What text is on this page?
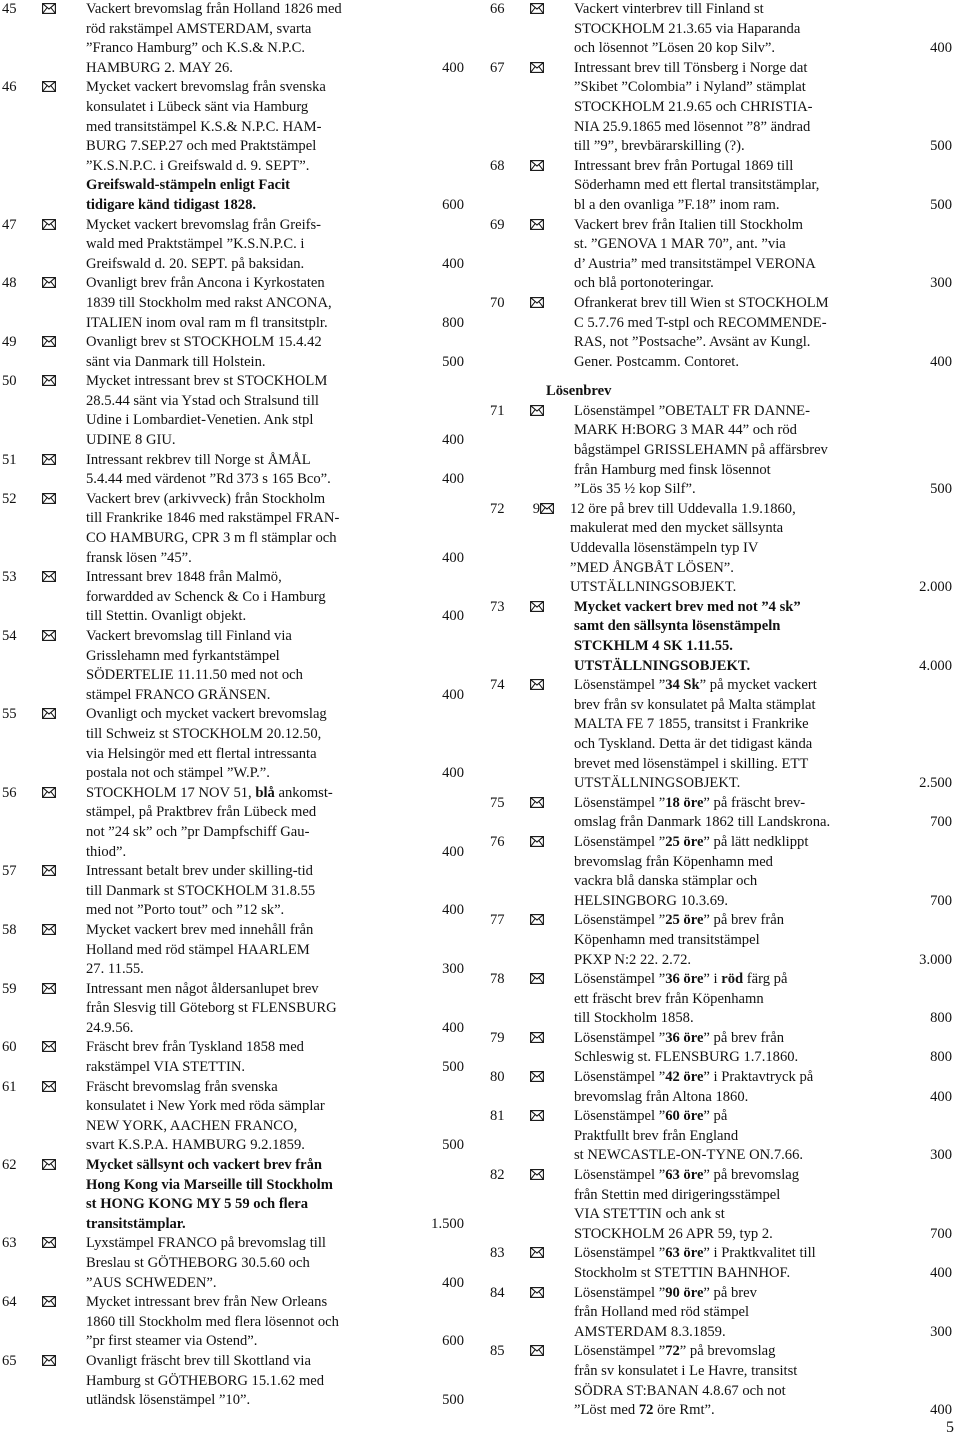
45	Vackert brevomslag från Holland 1826 med
röd rakstämpel AMSTERDAM, svarta
”Franco Hamburg” och K.S.& N.P.C.
HAMBURG 2. MAY 26.	400
46	Mycket vackert brevomslag från svenska
konsulatet i Lübeck sänt via Hamburg
med transitstämpel K.S.& N.P.C. HAM-
BURG 7.SEP.27 och med Praktstämpel
”K.S.N.P.C. i Greifswald d. 9. SEPT”.
Greifswald-stämpeln enligt Facit
tidigare känd tidigast 1828.	600
47	Mycket vackert brevomslag från Greifs-
wald med Praktstämpel ”K.S.N.P.C. i
Greifswald d. 20. SEPT. på baksidan.	400
48	Ovanligt brev från Ancona i Kyrkostaten
1839 till Stockholm med rakst ANCONA,
ITALIEN inom oval ram m fl transitstplr.	800
49	Ovanligt brev st STOCKHOLM 15.4.42
sänt via Danmark till Holstein.	500
50	Mycket intressant brev st STOCKHOLM
28.5.44 sänt via Ystad och Stralsund till
Udine i Lombardiet-Venetien. Ank stpl
UDINE 8 GIU.	400
51	Intressant rekbrev till Norge st ÅMÅL
5.4.44 med värdenot ”Rd 373 s 165 Bco”.	400
52	Vackert brev (arkivveck) från Stockholm
till Frankrike 1846 med rakstämpel FRAN-
CO HAMBURG, CPR 3 m fl stämplar och
fransk lösen ”45”.	400
53	Intressant brev 1848 från Malmö,
forwardded av Schenck & Co i Hamburg
till Stettin. Ovanligt objekt.	400
54	Vackert brevomslag till Finland via
Grisslehamn med fyrkantstämpel
SÖDERTELIE 11.11.50 med not och
stämpel FRANCO GRÄNSEN.	400
55	Ovanligt och mycket vackert brevomslag
till Schweiz st STOCKHOLM 20.12.50,
via Helsingör med ett flertal intressanta
postala not och stämpel ”W.P.”.	400
56	STOCKHOLM 17 NOV 51, blå ankomst-
stämpel, på Praktbrev från Lübeck med
not ”24 sk” och ”pr Dampfschiff Gau-
thiod”.	400
57	Intressant betalt brev under skilling-tid
till Danmark st STOCKHOLM 31.8.55
med not ”Porto tout” och ”12 sk”.	400
58	Mycket vackert brev med innehåll från
Holland med röd stämpel HAARLEM
27. 11.55.	300
59	Intressant men något åldersanlupet brev
från Slesvig till Göteborg st FLENSBURG
24.9.56.	400
60	Fräscht brev från Tyskland 1858 med
rakstämpel VIA STETTIN.	500
61	Fräscht brevomslag från svenska
konsulatet i New York med röda sämplar
NEW YORK, AACHEN FRANCO,
svart K.S.P.A. HAMBURG 9.2.1859.	500
62	Mycket sällsynt och vackert brev från
Hong Kong via Marseille till Stockholm
st HONG KONG MY 5 59 och flera
transitstämplar.	1.500
63	Lyxstämpel FRANCO på brevomslag till
Breslau st GÖTHEBORG 30.5.60 och
”AUS SCHWEDEN”.	400
64	Mycket intressant brev från New Orleans
1860 till Stockholm med flera lösennot och
”pr first steamer via Ostend”.	600
65	Ovanligt fräscht brev till Skottland via
Hamburg st GÖTHEBORG 15.1.62 med
utländsk lösenstämpel ”10”.	500
66	Vackert vinterbrev till Finland st
STOCKHOLM 21.3.65 via Haparanda
och lösennot ”Lösen 20 kop Silv”.	400
67	Intressant brev till Tönsberg i Norge dat
”Skibet ”Colombia” i Nyland” stämplat
STOCKHOLM 21.9.65 och CHRISTIA-
NIA 25.9.1865 med lösennot ”8” ändrad
till ”9”, brevbärarskilling (?).	500
68	Intressant brev från Portugal 1869 till
Söderhamn med ett flertal transitstämplar,
bl a den ovanliga ”F.18” inom ram.	500
69	Vackert brev från Italien till Stockholm
st. ”GENOVA 1 MAR 70”, ant. ”via
d’ Austria” med transitstämpel VERONA
och blå portonoteringar.	300
70	Ofrankerat brev till Wien st STOCKHOLM
C 5.7.76 med T-stpl och RECOMMENDE-
RAS, not ”Postsache”. Avsänt av Kungl.
Gener. Postcamm. Contoret.	400
Lösenbrev
71	Lösenstämpel ”OBETALT FR DANNE-
MARK H:BORG 3 MAR 44” och röd
bågstämpel GRISSLEHAMN på affärsbrev
från Hamburg med finsk lösennot
”Lös 35 ½ kop Silf”.	500
72	9 12 öre på brev till Uddevalla 1.9.1860,
makulerat med den mycket sällsynta
Uddevalla lösenstämpeln typ IV
”MED ÅNGBÅT LÖSEN”.
UTSTÄLLNINGSOBJEKT.	2.000
73	Mycket vackert brev med not ”4 sk”
samt den sällsynta lösenstämpeln
STCKHLM 4 SK 1.11.55.
UTSTÄLLNINGSOBJEKT.	4.000
74	Lösenstämpel ”34 Sk” på mycket vackert
brev från sv konsulatet på Malta stämplat
MALTA FE 7 1855, transitst i Frankrike
och Tyskland. Detta är det tidigast kända
brevet med lösenstämpel i skilling. ETT
UTSTÄLLNINGSOBJEKT.	2.500
75	Lösenstämpel ”18 öre” på fräscht brev-
omslag från Danmark 1862 till Landskrona.	700
76	Lösenstämpel ”25 öre” på lätt nedklippt
brevomslag från Köpenhamn med
vackra blå danska stämplar och
HELSINGBORG 10.3.69.	700
77	Lösenstämpel ”25 öre” på brev från
Köpenhamn med transitstämpel
PKXP N:2 22. 2.72.	3.000
78	Lösenstämpel ”36 öre” i röd färg på
ett fräscht brev från Köpenhamn
till Stockholm 1858.	800
79	Lösenstämpel ”36 öre” på brev från
Schleswig st. FLENSBURG 1.7.1860.	800
80	Lösenstämpel ”42 öre” i Praktavtryck på
brevomslag från Altona 1860.	400
81	Lösenstämpel ”60 öre” på
Praktfullt brev från England
st NEWCASTLE-ON-TYNE ON.7.66.	300
82	Lösenstämpel ”63 öre” på brevomslag
från Stettin med dirigeringsstämpel
VIA STETTIN och ank st
STOCKHOLM 26 APR 59, typ 2.	700
83	Lösenstämpel ”63 öre” i Praktkvalitet till
Stockholm st STETTIN BAHNHOF.	400
84	Lösenstämpel ”90 öre” på brev
från Holland med röd stämpel
AMSTERDAM 8.3.1859.	300
85	Lösenstämpel ”72” på brevomslag
från sv konsulatet i Le Havre, transitst
SÖDRA ST:BANAN 4.8.67 och not
”Löst med 72 öre Rmt”.	400
5
